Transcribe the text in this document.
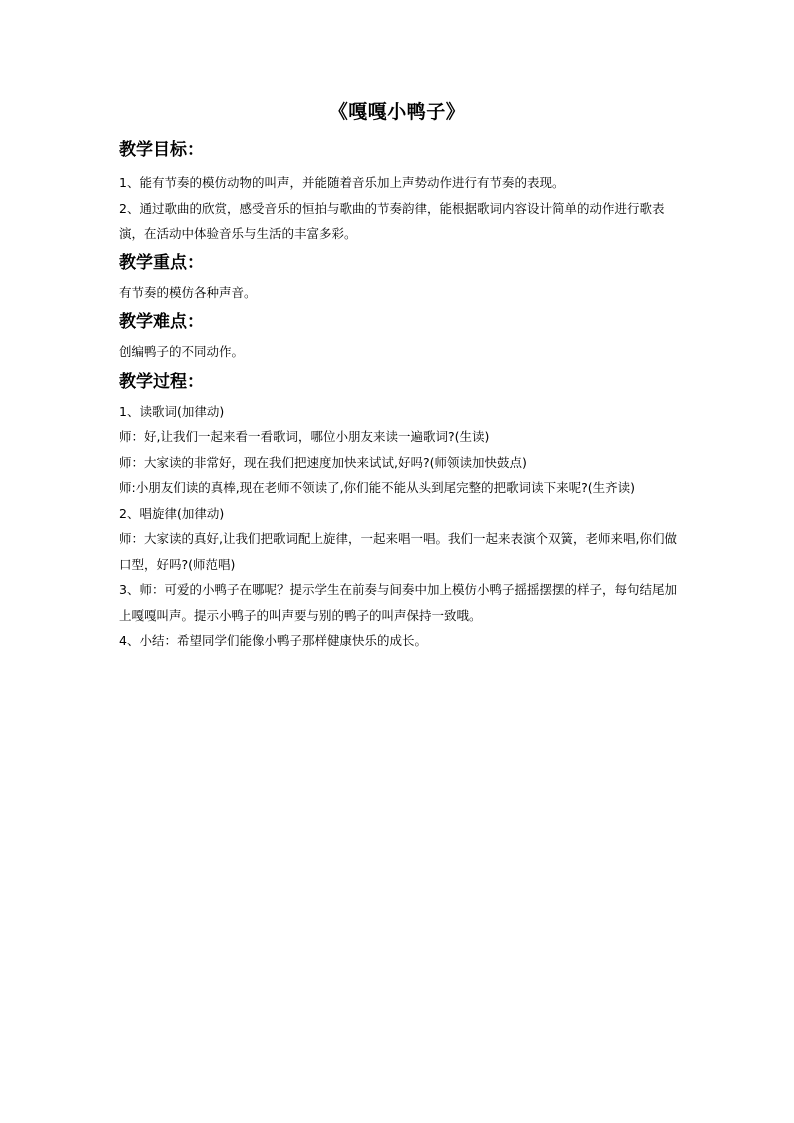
《嘎嘎小鸭子》
教学目标：

1、能有节奏的模仿动物的叫声，并能随着音乐加上声势动作进行有节奏的表现。

2、通过歌曲的欣赏，感受音乐的恒拍与歌曲的节奏韵律，能根据歌词内容设计简单的动作进行歌表演，在活动中体验音乐与生活的丰富多彩。

教学重点：

有节奏的模仿各种声音。

教学难点：

创编鸭子的不同动作。

教学过程：

1、读歌词(加律动)

师：好,让我们一起来看一看歌词，哪位小朋友来读一遍歌词?(生读)

师：大家读的非常好，现在我们把速度加快来试试,好吗?(师领读加快鼓点)

师:小朋友们读的真棒,现在老师不领读了,你们能不能从头到尾完整的把歌词读下来呢?(生齐读)

2、唱旋律(加律动)

师：大家读的真好,让我们把歌词配上旋律，一起来唱一唱。我们一起来表演个双簧，老师来唱,你们做口型，好吗?(师范唱)

3、师：可爱的小鸭子在哪呢？提示学生在前奏与间奏中加上模仿小鸭子摇摇摆摆的样子，每句结尾加上嘎嘎叫声。提示小鸭子的叫声要与别的鸭子的叫声保持一致哦。

4、小结：希望同学们能像小鸭子那样健康快乐的成长。
